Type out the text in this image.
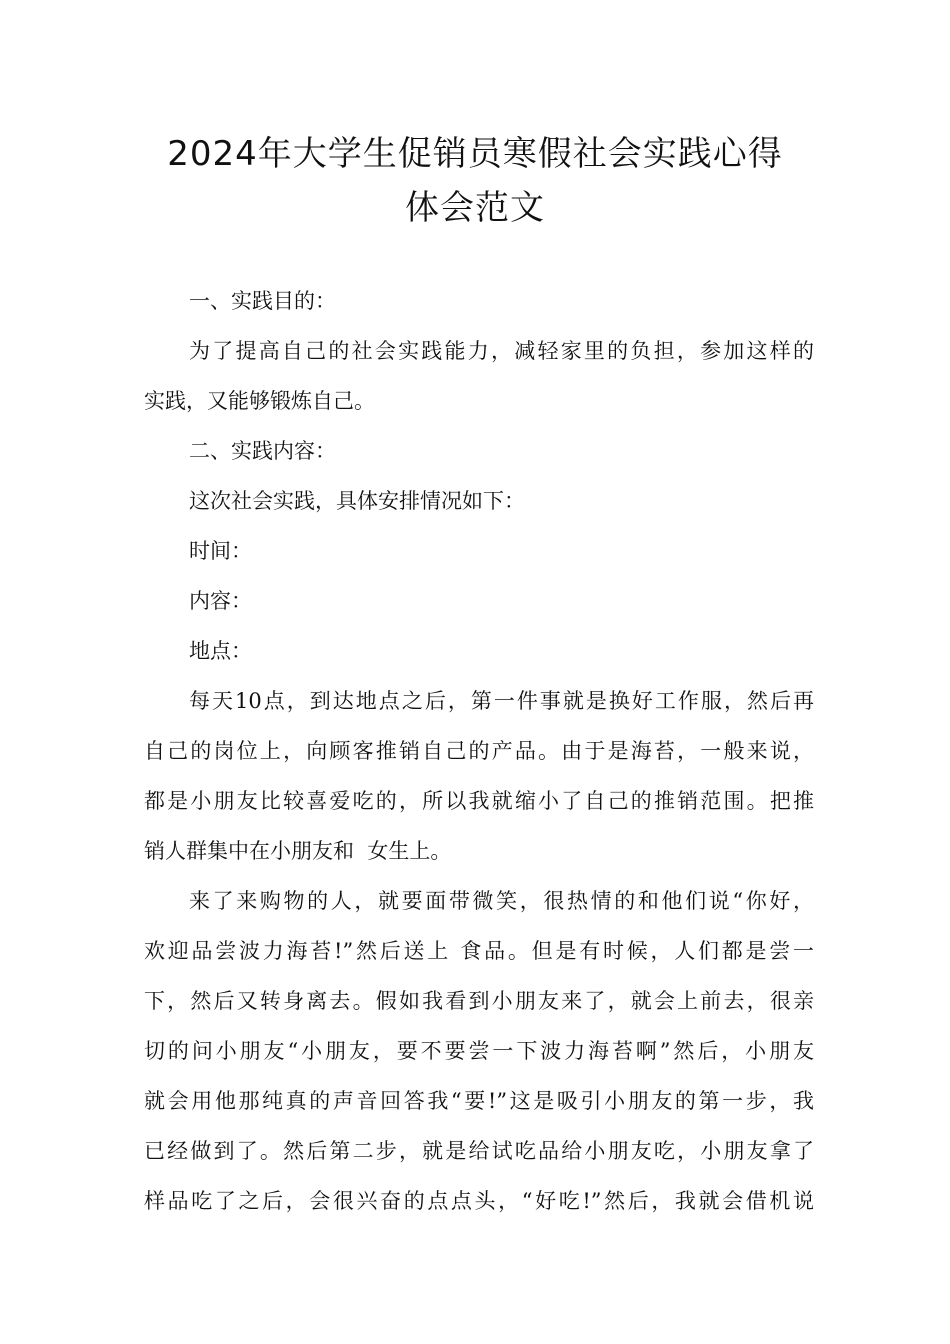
2024年大学生促销员寒假社会实践心得
体会范文
一、实践目的：
为了提高自己的社会实践能力，减轻家里的负担，参加这样的
实践，又能够锻炼自己。
二、实践内容：
这次社会实践，具体安排情况如下：
时间：
内容：
地点：
每天10点，到达地点之后，第一件事就是换好工作服，然后再
自己的岗位上，向顾客推销自己的产品。由于是海苔，一般来说，
都是小朋友比较喜爱吃的，所以我就缩小了自己的推销范围。把推
销人群集中在小朋友和  女生上。
来了来购物的人，就要面带微笑，很热情的和他们说“你好，
欢迎品尝波力海苔!”然后送上 食品。但是有时候，人们都是尝一
下，然后又转身离去。假如我看到小朋友来了，就会上前去，很亲
切的问小朋友“小朋友，要不要尝一下波力海苔啊”然后，小朋友
就会用他那纯真的声音回答我“要!”这是吸引小朋友的第一步，我
已经做到了。然后第二步，就是给试吃品给小朋友吃，小朋友拿了
样品吃了之后，会很兴奋的点点头，“好吃!”然后，我就会借机说
